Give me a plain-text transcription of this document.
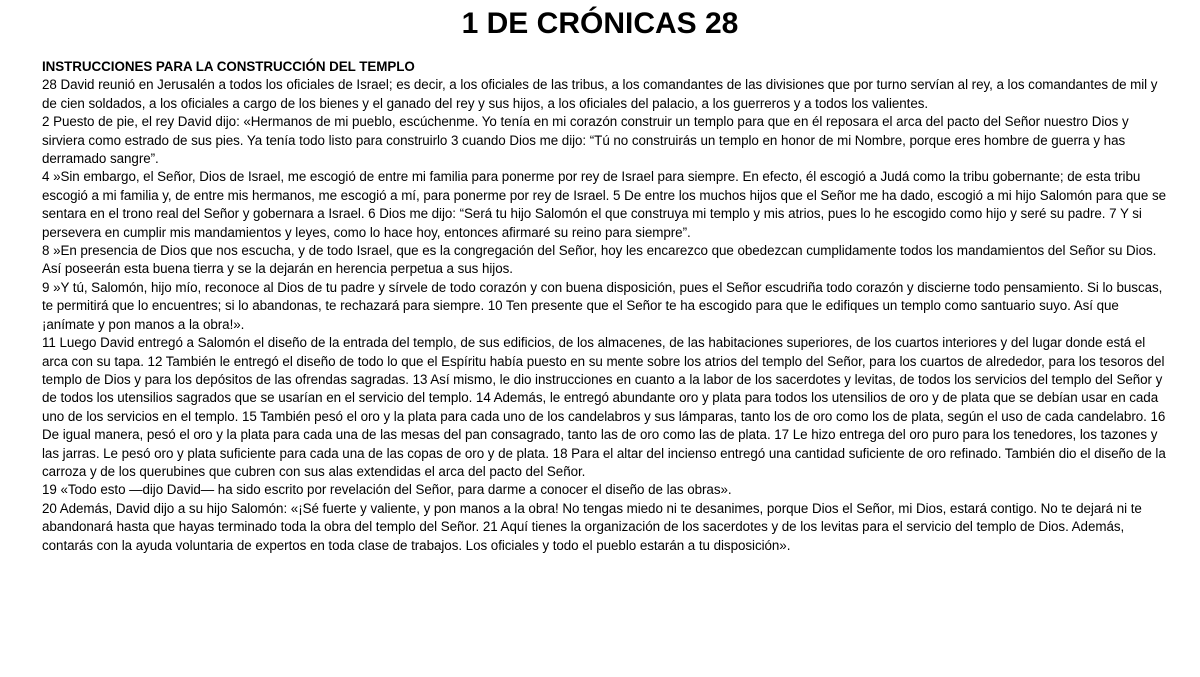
1 DE CRÓNICAS 28

INSTRUCCIONES PARA LA CONSTRUCCIÓN DEL TEMPLO

28 David reunió en Jerusalén a todos los oficiales de Israel; es decir, a los oficiales de las tribus, a los comandantes de las divisiones que por turno servían al rey, a los comandantes de mil y de cien soldados, a los oficiales a cargo de los bienes y el ganado del rey y sus hijos, a los oficiales del palacio, a los guerreros y a todos los valientes.

2 Puesto de pie, el rey David dijo: «Hermanos de mi pueblo, escúchenme. Yo tenía en mi corazón construir un templo para que en él reposara el arca del pacto del Señor nuestro Dios y sirviera como estrado de sus pies. Ya tenía todo listo para construirlo 3 cuando Dios me dijo: “Tú no construirás un templo en honor de mi Nombre, porque eres hombre de guerra y has derramado sangre”.

4 »Sin embargo, el Señor, Dios de Israel, me escogió de entre mi familia para ponerme por rey de Israel para siempre. En efecto, él escogió a Judá como la tribu gobernante; de esta tribu escogió a mi familia y, de entre mis hermanos, me escogió a mí, para ponerme por rey de Israel. 5 De entre los muchos hijos que el Señor me ha dado, escogió a mi hijo Salomón para que se sentara en el trono real del Señor y gobernara a Israel. 6 Dios me dijo: “Será tu hijo Salomón el que construya mi templo y mis atrios, pues lo he escogido como hijo y seré su padre. 7 Y si persevera en cumplir mis mandamientos y leyes, como lo hace hoy, entonces afirmaré su reino para siempre”.

8 »En presencia de Dios que nos escucha, y de todo Israel, que es la congregación del Señor, hoy les encarezco que obedezcan cumplidamente todos los mandamientos del Señor su Dios. Así poseerán esta buena tierra y se la dejarán en herencia perpetua a sus hijos.

9 »Y tú, Salomón, hijo mío, reconoce al Dios de tu padre y sírvele de todo corazón y con buena disposición, pues el Señor escudriña todo corazón y discierne todo pensamiento. Si lo buscas, te permitirá que lo encuentres; si lo abandonas, te rechazará para siempre. 10 Ten presente que el Señor te ha escogido para que le edifiques un templo como santuario suyo. Así que ¡anímate y pon manos a la obra!».

11 Luego David entregó a Salomón el diseño de la entrada del templo, de sus edificios, de los almacenes, de las habitaciones superiores, de los cuartos interiores y del lugar donde está el arca con su tapa. 12 También le entregó el diseño de todo lo que el Espíritu había puesto en su mente sobre los atrios del templo del Señor, para los cuartos de alrededor, para los tesoros del templo de Dios y para los depósitos de las ofrendas sagradas. 13 Así mismo, le dio instrucciones en cuanto a la labor de los sacerdotes y levitas, de todos los servicios del templo del Señor y de todos los utensilios sagrados que se usarían en el servicio del templo. 14 Además, le entregó abundante oro y plata para todos los utensilios de oro y de plata que se debían usar en cada uno de los servicios en el templo. 15 También pesó el oro y la plata para cada uno de los candelabros y sus lámparas, tanto los de oro como los de plata, según el uso de cada candelabro. 16 De igual manera, pesó el oro y la plata para cada una de las mesas del pan consagrado, tanto las de oro como las de plata. 17 Le hizo entrega del oro puro para los tenedores, los tazones y las jarras. Le pesó oro y plata suficiente para cada una de las copas de oro y de plata. 18 Para el altar del incienso entregó una cantidad suficiente de oro refinado. También dio el diseño de la carroza y de los querubines que cubren con sus alas extendidas el arca del pacto del Señor.

19 «Todo esto —dijo David— ha sido escrito por revelación del Señor, para darme a conocer el diseño de las obras».

20 Además, David dijo a su hijo Salomón: «¡Sé fuerte y valiente, y pon manos a la obra! No tengas miedo ni te desanimes, porque Dios el Señor, mi Dios, estará contigo. No te dejará ni te abandonará hasta que hayas terminado toda la obra del templo del Señor. 21 Aquí tienes la organización de los sacerdotes y de los levitas para el servicio del templo de Dios. Además, contarás con la ayuda voluntaria de expertos en toda clase de trabajos. Los oficiales y todo el pueblo estarán a tu disposición».
